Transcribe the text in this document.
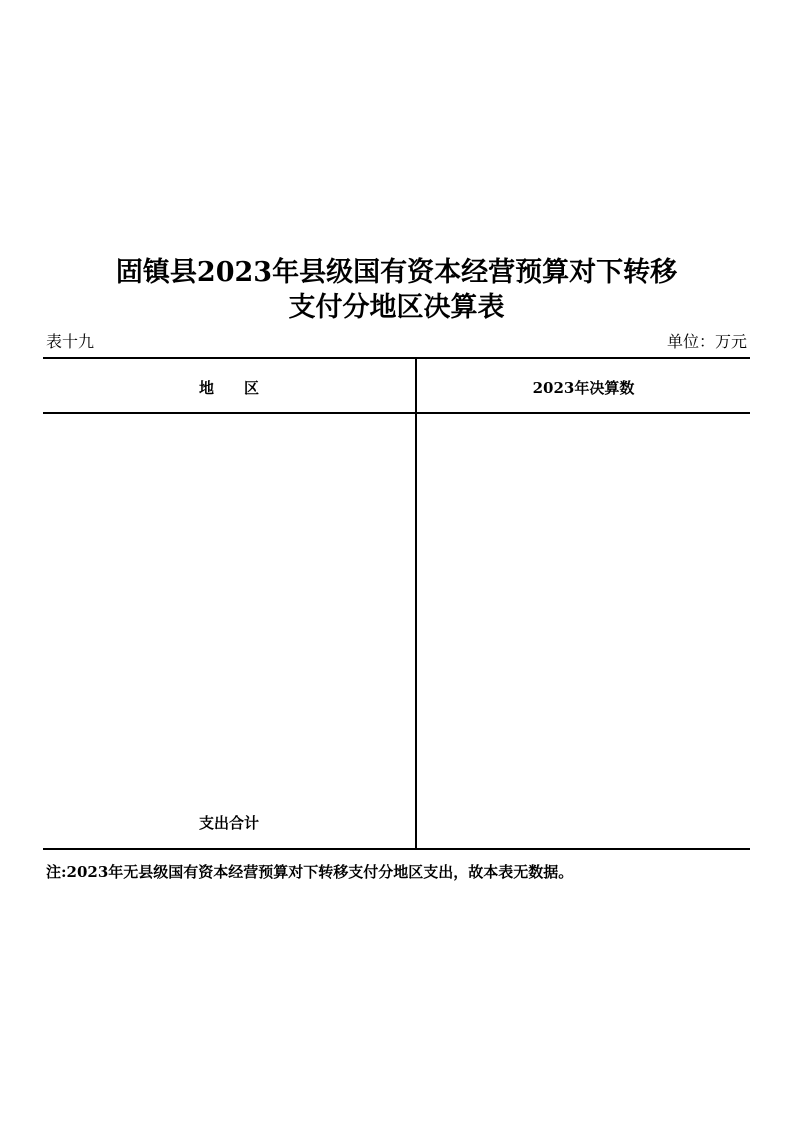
固镇县2023年县级国有资本经营预算对下转移
支付分地区决算表
表十九	单位：万元
地　　区	2023年决算数
支出合计
注:2023年无县级国有资本经营预算对下转移支付分地区支出，故本表无数据。
